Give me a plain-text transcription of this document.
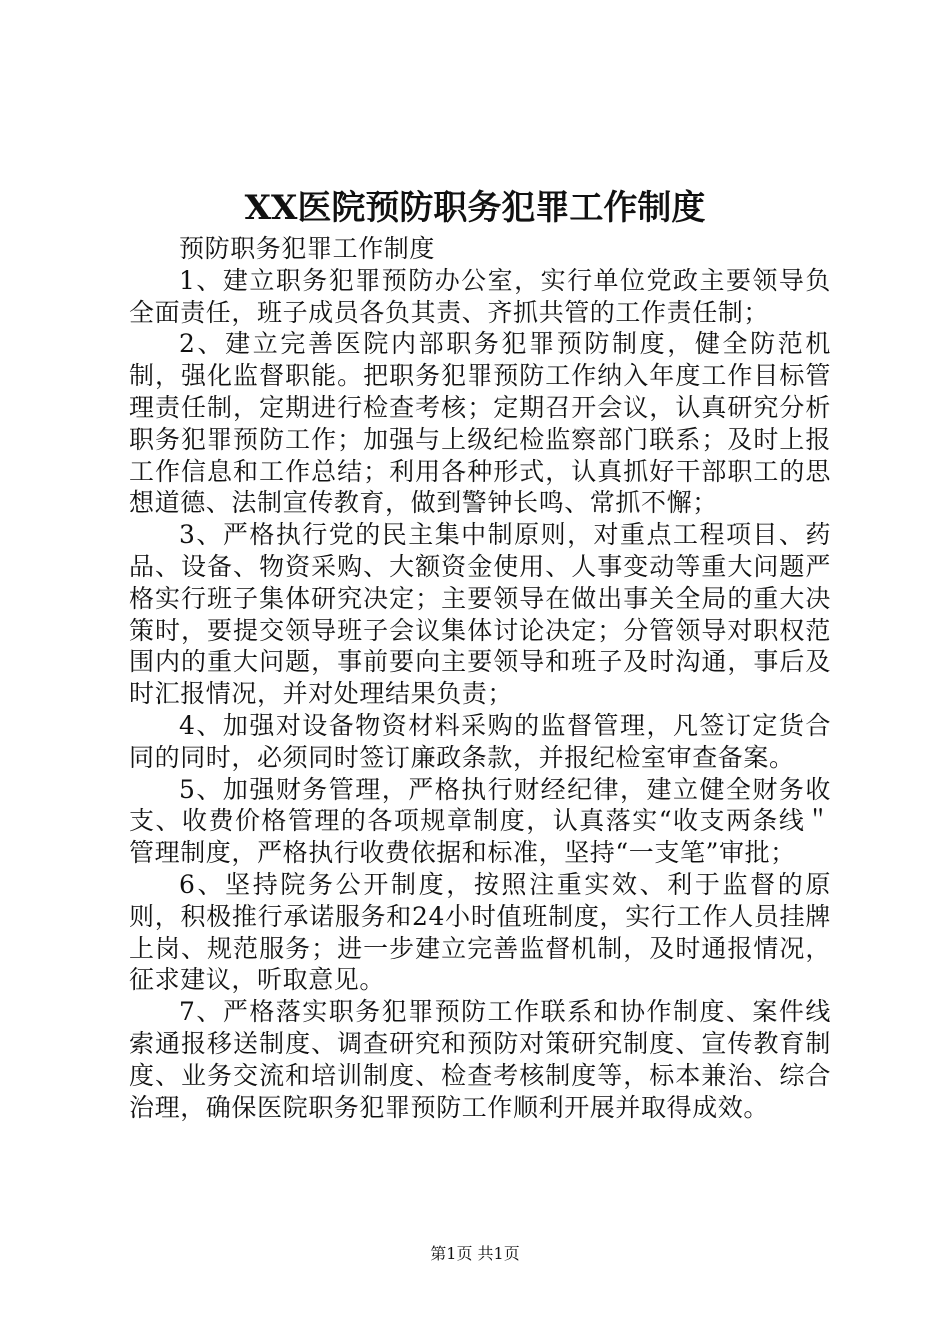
XX医院预防职务犯罪工作制度

预防职务犯罪工作制度

1、建立职务犯罪预防办公室，实行单位党政主要领导负全面责任，班子成员各负其责、齐抓共管的工作责任制；

2、建立完善医院内部职务犯罪预防制度，健全防范机制，强化监督职能。把职务犯罪预防工作纳入年度工作目标管理责任制，定期进行检查考核；定期召开会议，认真研究分析职务犯罪预防工作；加强与上级纪检监察部门联系；及时上报工作信息和工作总结；利用各种形式，认真抓好干部职工的思想道德、法制宣传教育，做到警钟长鸣、常抓不懈；

3、严格执行党的民主集中制原则，对重点工程项目、药品、设备、物资采购、大额资金使用、人事变动等重大问题严格实行班子集体研究决定；主要领导在做出事关全局的重大决策时，要提交领导班子会议集体讨论决定；分管领导对职权范围内的重大问题，事前要向主要领导和班子及时沟通，事后及时汇报情况，并对处理结果负责；

4、加强对设备物资材料采购的监督管理，凡签订定货合同的同时，必须同时签订廉政条款，并报纪检室审查备案。

5、加强财务管理，严格执行财经纪律，建立健全财务收支、收费价格管理的各项规章制度，认真落实“收支两条线＂管理制度，严格执行收费依据和标准，坚持“一支笔”审批；

6、坚持院务公开制度，按照注重实效、利于监督的原则，积极推行承诺服务和24小时值班制度，实行工作人员挂牌上岗、规范服务；进一步建立完善监督机制，及时通报情况，征求建议，听取意见。

7、严格落实职务犯罪预防工作联系和协作制度、案件线索通报移送制度、调查研究和预防对策研究制度、宣传教育制度、业务交流和培训制度、检查考核制度等，标本兼治、综合治理，确保医院职务犯罪预防工作顺利开展并取得成效。

第1页 共1页
